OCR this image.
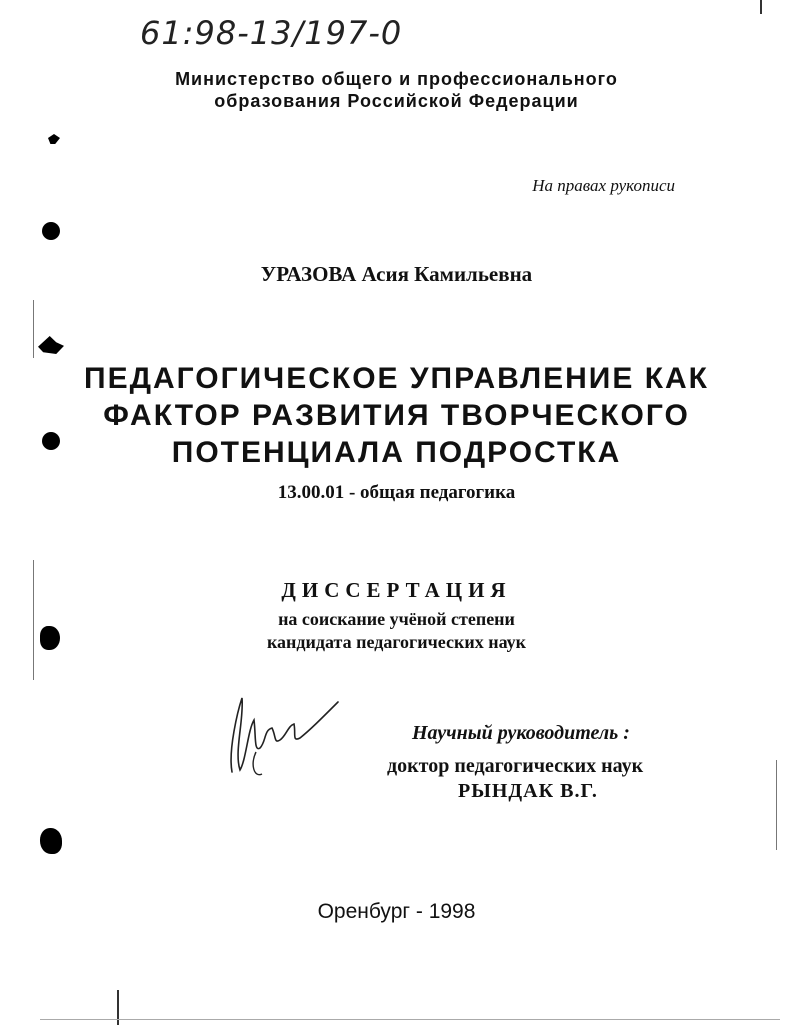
61:98-13/197-0
Министерство общего и профессионального
образования Российской Федерации
На правах рукописи
УРАЗОВА Асия Камильевна
ПЕДАГОГИЧЕСКОЕ УПРАВЛЕНИЕ КАК
ФАКТОР РАЗВИТИЯ ТВОРЧЕСКОГО
ПОТЕНЦИАЛА ПОДРОСТКА
13.00.01 - общая педагогика
ДИССЕРТАЦИЯ
на соискание учёной степени
кандидата педагогических наук
Научный руководитель :
доктор педагогических наук
РЫНДАК В.Г.
Оренбург - 1998
